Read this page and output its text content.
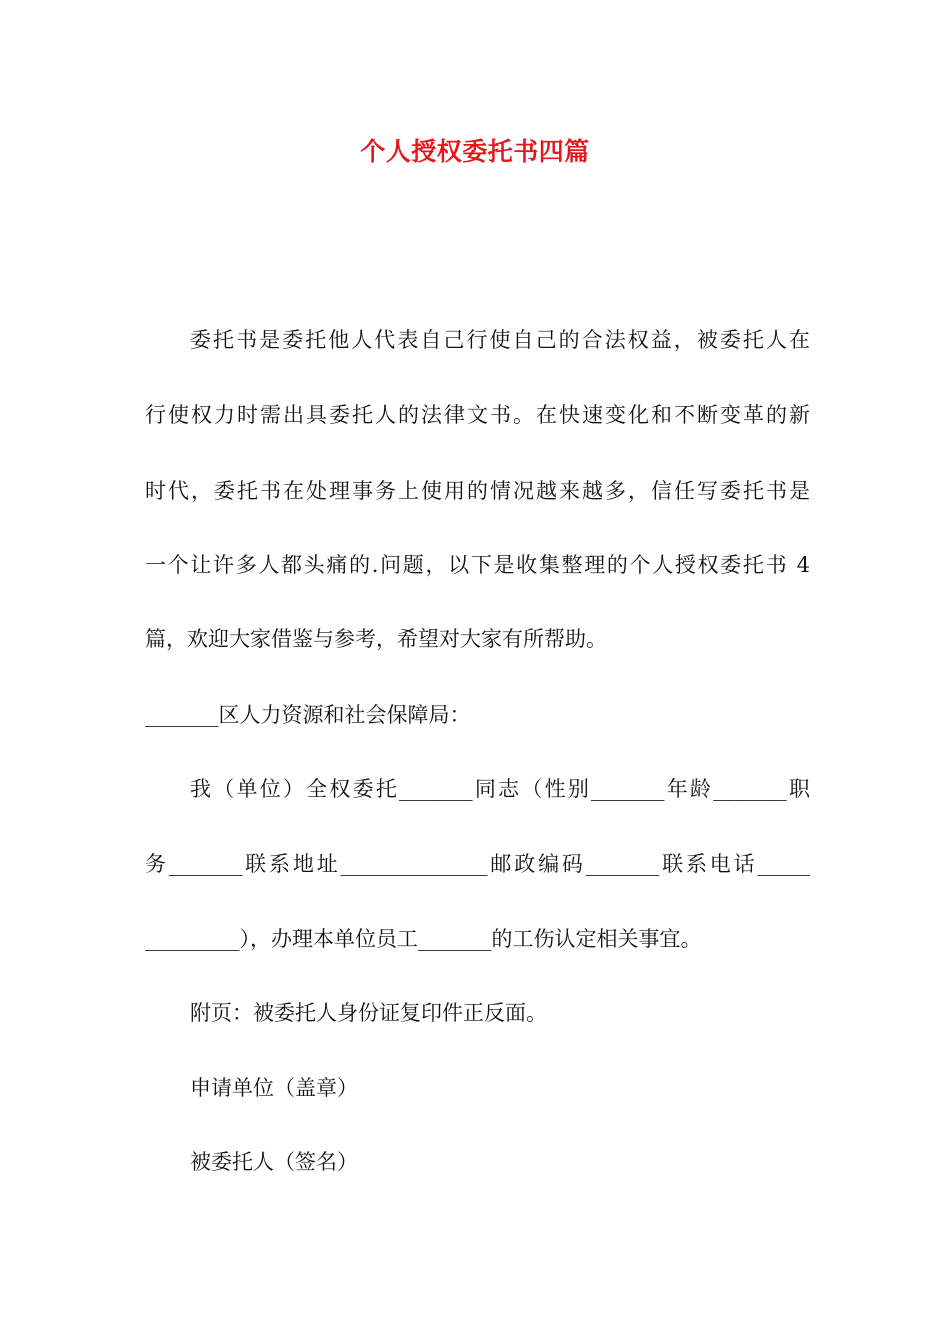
个人授权委托书四篇
委托书是委托他人代表自己行使自己的合法权益，被委托人在
行使权力时需出具委托人的法律文书。在快速变化和不断变革的新
时代，委托书在处理事务上使用的情况越来越多，信任写委托书是
一个让许多人都头痛的.问题，以下是收集整理的个人授权委托书 4
篇，欢迎大家借鉴与参考，希望对大家有所帮助。
_______区人力资源和社会保障局：
我（单位）全权委托_______同志（性别_______年龄_______职
务_______联系地址______________邮政编码_______联系电话_____
_________），办理本单位员工_______的工伤认定相关事宜。
附页：被委托人身份证复印件正反面。
申请单位（盖章）
被委托人（签名）
